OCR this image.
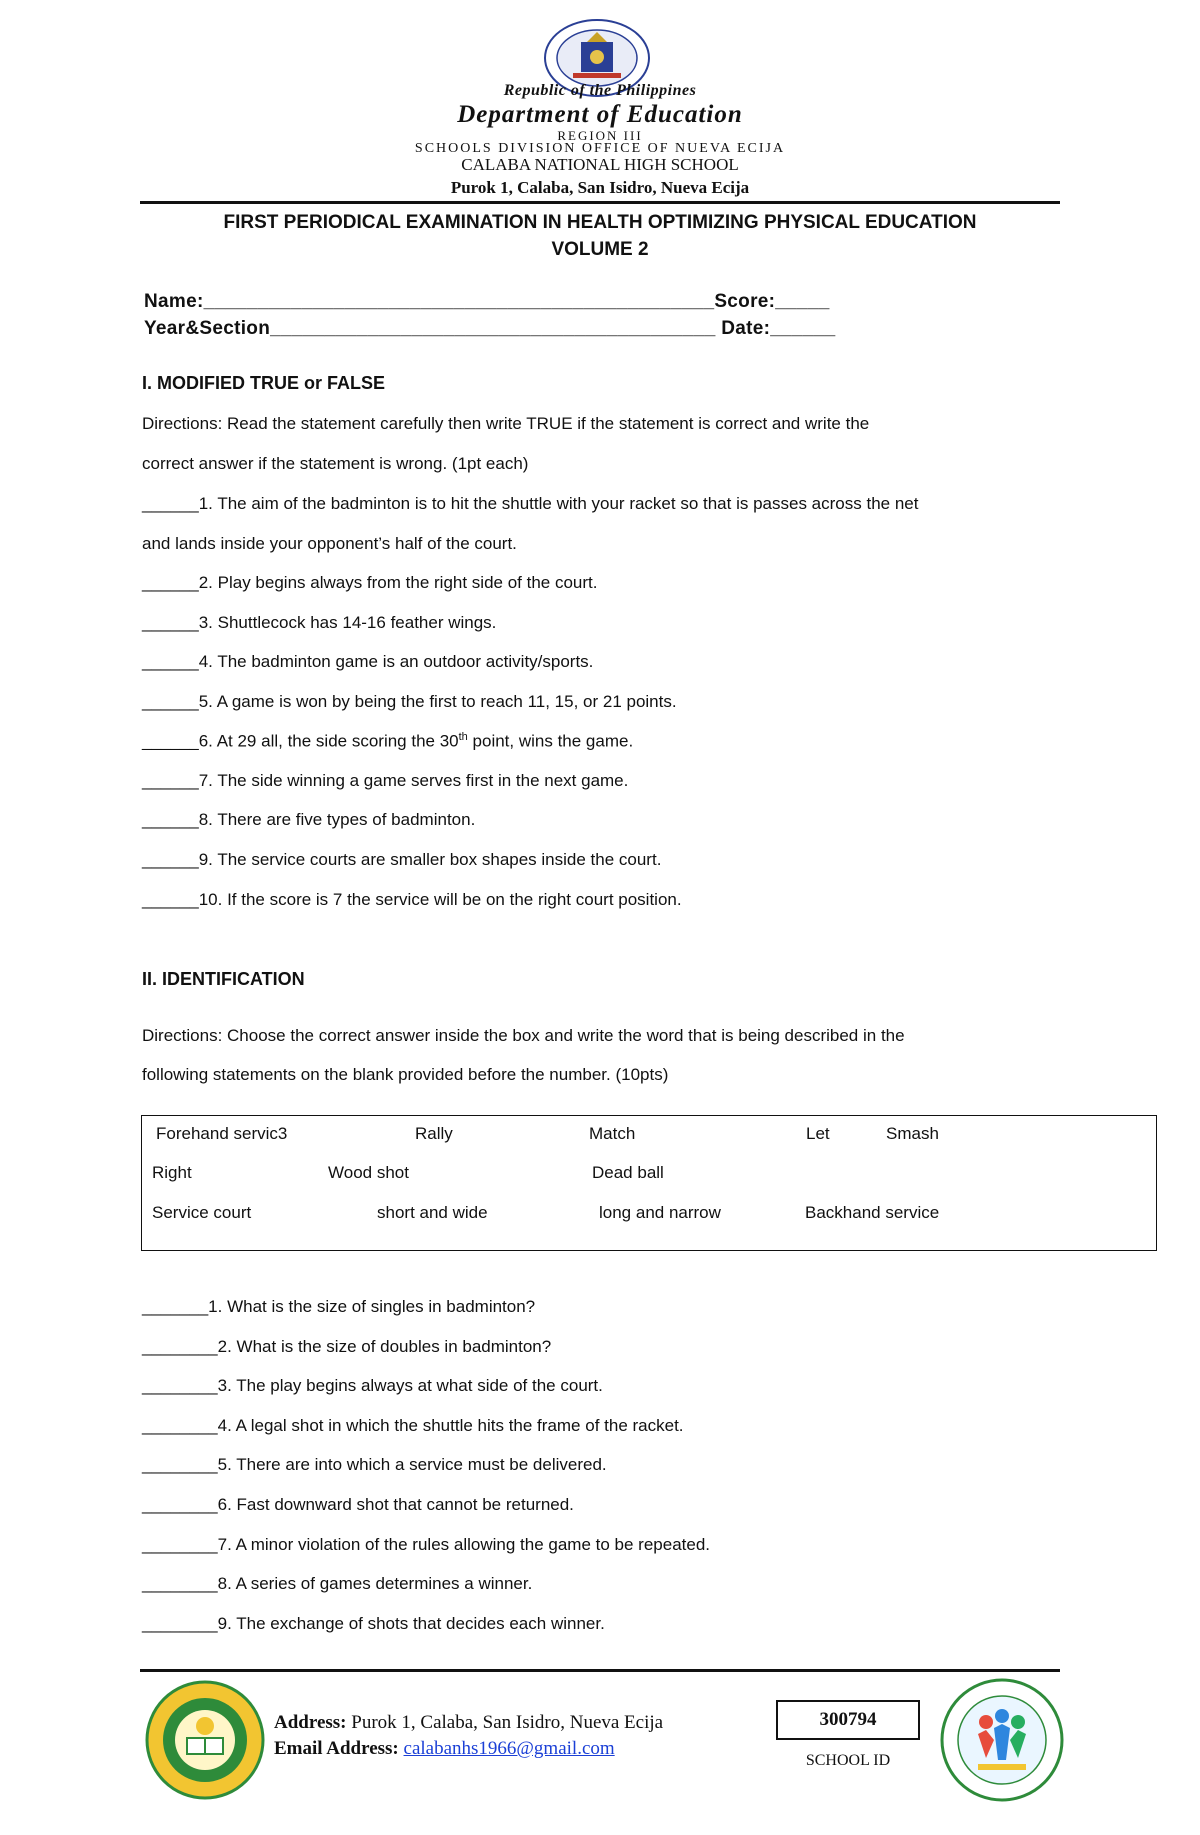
Republic of the Philippines
Department of Education
REGION III
SCHOOLS DIVISION OFFICE OF NUEVA ECIJA
CALABA NATIONAL HIGH SCHOOL
Purok 1, Calaba, San Isidro, Nueva Ecija
FIRST PERIODICAL EXAMINATION IN HEALTH OPTIMIZING PHYSICAL EDUCATION
VOLUME 2
Name:_______________________________________________Score:_____
Year&Section_________________________________________ Date:______
I. MODIFIED TRUE or FALSE
Directions: Read the statement carefully then write TRUE if the statement is correct and write the
correct answer if the statement is wrong. (1pt each)
______1. The aim of the badminton is to hit the shuttle with your racket so that is passes across the net
and lands inside your opponent’s half of the court.
______2. Play begins always from the right side of the court.
______3. Shuttlecock has 14-16 feather wings.
______4. The badminton game is an outdoor activity/sports.
______5. A game is won by being the first to reach 11, 15, or 21 points.
______6. At 29 all, the side scoring the 30th point, wins the game.
______7. The side winning a game serves first in the next game.
______8. There are five types of badminton.
______9. The service courts are smaller box shapes inside the court.
______10. If the score is 7 the service will be on the right court position.
II. IDENTIFICATION
Directions: Choose the correct answer inside the box and write the word that is being described in the
following statements on the blank provided before the number. (10pts)
Forehand servic3	Rally	Match	Let	Smash
Right	Wood shot	Dead ball
Service court	short and wide	long and narrow	Backhand service
_______1. What is the size of singles in badminton?
________2. What is the size of doubles in badminton?
________3. The play begins always at what side of the court.
________4. A legal shot in which the shuttle hits the frame of the racket.
________5. There are into which a service must be delivered.
________6. Fast downward shot that cannot be returned.
________7. A minor violation of the rules allowing the game to be repeated.
________8. A series of games determines a winner.
________9. The exchange of shots that decides each winner.
Address: Purok 1, Calaba, San Isidro, Nueva Ecija
Email Address: calabanhs1966@gmail.com
300794
SCHOOL ID
